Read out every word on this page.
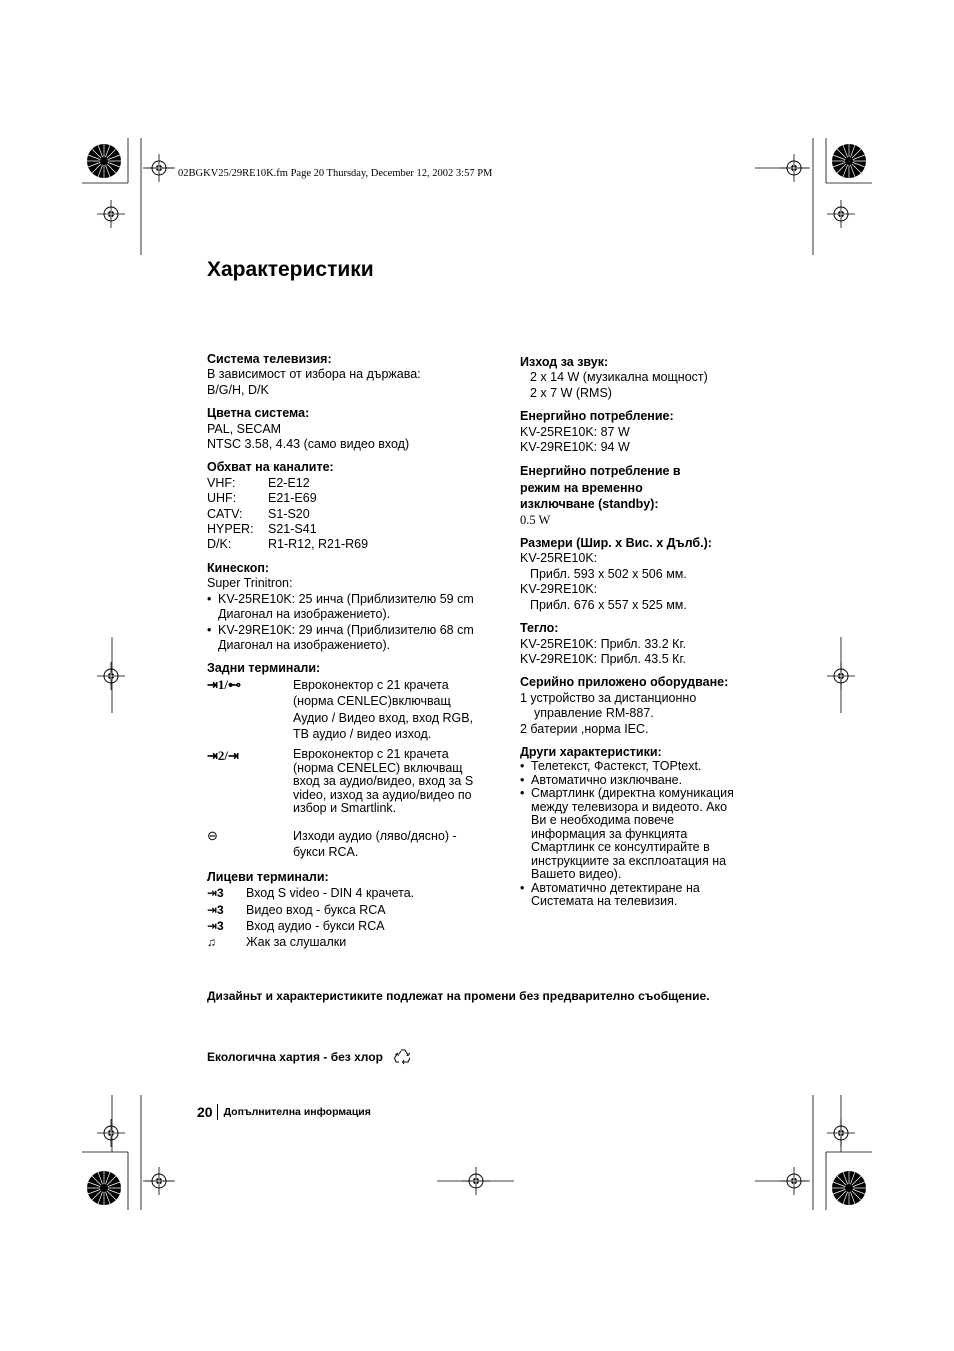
02BGKV25/29RE10K.fm Page 20 Thursday, December 12, 2002 3:57 PM
Характеристики
Система телевизия:
В зависимост от избора на държава:
B/G/H, D/K
Цветна система:
PAL, SECAM
NTSC 3.58, 4.43 (само видео вход)
Обхват на каналите:
VHF:	E2-E12
UHF:	E21-E69
CATV:	S1-S20
HYPER:	S21-S41
D/K:	R1-R12, R21-R69
Кинескоп:
Super Trinitron:
• KV-25RE10K: 25 инча (Приблизителю 59 cm Диагонал на изображението).
• KV-29RE10K: 29 инча (Приблизителю 68 cm Диагонал на изображението).
Задни терминали:
⇥1/⊷	Евроконектор с 21 крачета (норма CENLEC)включващ Аудио / Видео вход, вход RGB, ТВ аудио / видео изход.
⇥2/⇥	Евроконектор с 21 крачета (норма CENELEC) включващ вход за аудио/видео, вход за S video, изход за аудио/видео по избор и Smartlink.
⊖	Изходи аудио (ляво/дясно) - букси RCA.
Лицеви терминали:
⇥3	Вход S video - DIN 4 крачета.
⇥3	Видео вход - букса RCA
⇥3	Вход аудио - букси RCA
♫	Жак за слушалки
Изход за звук:
2 x 14 W (музикална мощност)
2 x 7 W (RMS)
Енергийно потребление:
KV-25RE10K: 87 W
KV-29RE10K: 94 W
Енергийно потребление в
режим на временно
изключване (standby):
0.5 W
Размери (Шир. x Вис. x Дълб.):
KV-25RE10K:
Прибл. 593 x 502 x 506 мм.
KV-29RE10K:
Прибл. 676 x 557 x 525 мм.
Тегло:
KV-25RE10K: Прибл. 33.2 Кг.
KV-29RE10K: Прибл. 43.5 Кг.
Серийно приложено оборудване:
1 устройство за дистанционно
управление RM-887.
2 батерии ,норма IEC.
Други характеристики:
• Телетекст, Фастекст, TOPtext.
• Автоматично изключване.
• Смартлинк (директна комуникация между телевизора и видеото. Ако Ви е необходима повече информация за функцията Смартлинк се консултирайте в инструкциите за експлоатация на Вашето видео).
• Автоматично детектиране на Системата на телевизия.
Дизайньт и характеристиките подлежат на промени без предварително съобщение.
Екологична хартия - без хлор
20	Допълнителна информация
